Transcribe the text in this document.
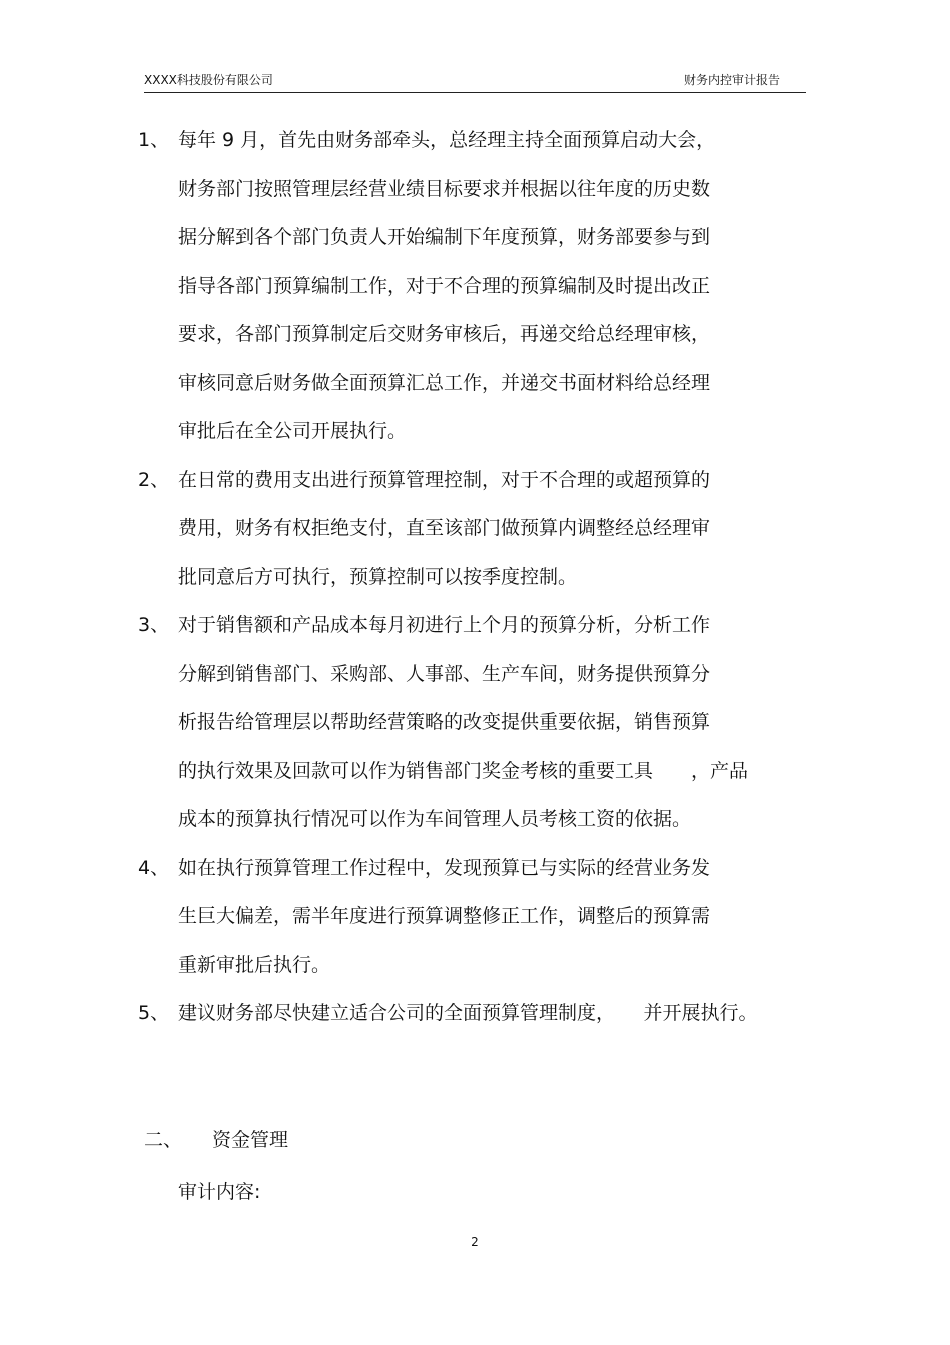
XXXX科技股份有限公司	财务内控审计报告
1、 每年 9 月，首先由财务部牵头，总经理主持全面预算启动大会，
财务部门按照管理层经营业绩目标要求并根据以往年度的历史数
据分解到各个部门负责人开始编制下年度预算，财务部要参与到
指导各部门预算编制工作，对于不合理的预算编制及时提出改正
要求，各部门预算制定后交财务审核后，再递交给总经理审核，
审核同意后财务做全面预算汇总工作，并递交书面材料给总经理
审批后在全公司开展执行。
2、 在日常的费用支出进行预算管理控制，对于不合理的或超预算的
费用，财务有权拒绝支付，直至该部门做预算内调整经总经理审
批同意后方可执行，预算控制可以按季度控制。
3、 对于销售额和产品成本每月初进行上个月的预算分析，分析工作
分解到销售部门、采购部、人事部、生产车间，财务提供预算分
析报告给管理层以帮助经营策略的改变提供重要依据，销售预算
的执行效果及回款可以作为销售部门奖金考核的重要工具　　，产品
成本的预算执行情况可以作为车间管理人员考核工资的依据。
4、 如在执行预算管理工作过程中，发现预算已与实际的经营业务发
生巨大偏差，需半年度进行预算调整修正工作，调整后的预算需
重新审批后执行。
5、 建议财务部尽快建立适合公司的全面预算管理制度，　　并开展执行。
二、 资金管理
审计内容:
2
